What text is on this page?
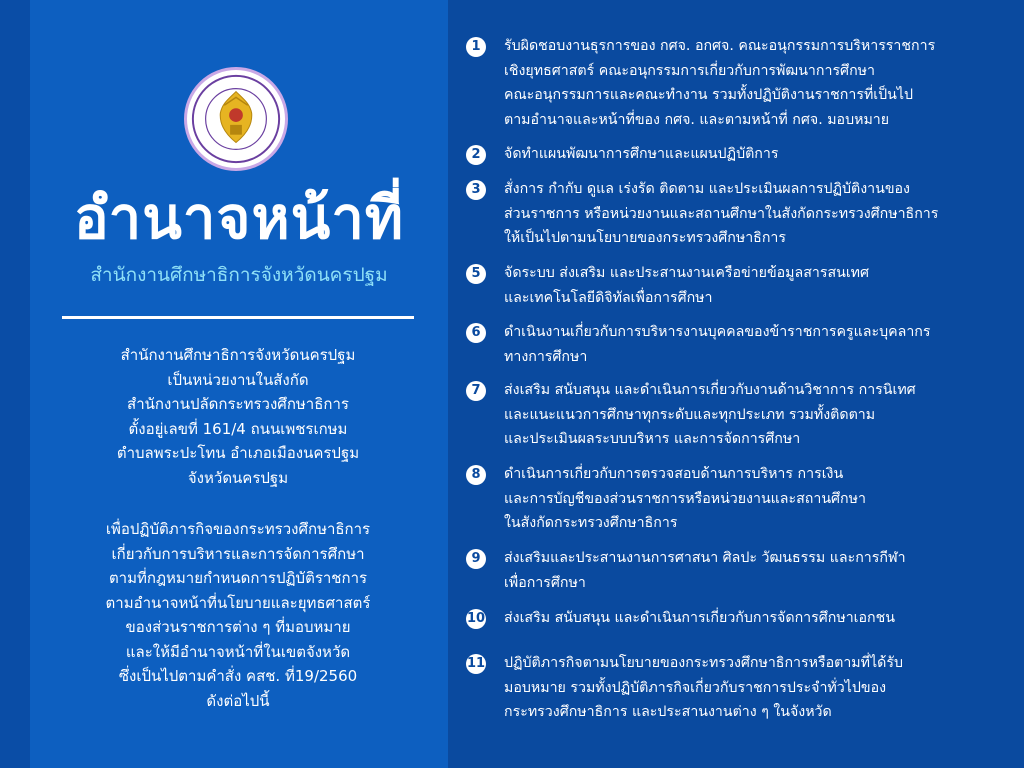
อำนาจหน้าที่

สำนักงานศึกษาธิการจังหวัดนครปฐม

สำนักงานศึกษาธิการจังหวัดนครปฐม
เป็นหน่วยงานในสังกัด
สำนักงานปลัดกระทรวงศึกษาธิการ
ตั้งอยู่เลขที่ 161/4 ถนนเพชรเกษม
ตำบลพระปะโทน อำเภอเมืองนครปฐม
จังหวัดนครปฐม
เพื่อปฏิบัติภารกิจของกระทรวงศึกษาธิการ
เกี่ยวกับการบริหารและการจัดการศึกษา
ตามที่กฎหมายกำหนดการปฏิบัติราชการ
ตามอำนาจหน้าที่นโยบายและยุทธศาสตร์
ของส่วนราชการต่าง ๆ ที่มอบหมาย
และให้มีอำนาจหน้าที่ในเขตจังหวัด
ซึ่งเป็นไปตามคำสั่ง คสช. ที่19/2560
ดังต่อไปนี้
1	รับผิดชอบงานธุรการของ กศจ. อกศจ. คณะอนุกรรมการบริหารราชการ
เชิงยุทธศาสตร์ คณะอนุกรรมการเกี่ยวกับการพัฒนาการศึกษา
คณะอนุกรรมการและคณะทำงาน รวมทั้งปฏิบัติงานราชการที่เป็นไป
ตามอำนาจและหน้าที่ของ กศจ. และตามหน้าที่ กศจ. มอบหมาย
2	จัดทำแผนพัฒนาการศึกษาและแผนปฏิบัติการ
3	สั่งการ กำกับ ดูแล เร่งรัด ติดตาม และประเมินผลการปฏิบัติงานของ
ส่วนราชการ หรือหน่วยงานและสถานศึกษาในสังกัดกระทรวงศึกษาธิการ
ให้เป็นไปตามนโยบายของกระทรวงศึกษาธิการ
5	จัดระบบ ส่งเสริม และประสานงานเครือข่ายข้อมูลสารสนเทศ
และเทคโนโลยีดิจิทัลเพื่อการศึกษา
6	ดำเนินงานเกี่ยวกับการบริหารงานบุคคลของข้าราชการครูและบุคลากร
ทางการศึกษา
7	ส่งเสริม สนับสนุน และดำเนินการเกี่ยวกับงานด้านวิชาการ การนิเทศ
และแนะแนวการศึกษาทุกระดับและทุกประเภท รวมทั้งติดตาม
และประเมินผลระบบบริหาร และการจัดการศึกษา
8	ดำเนินการเกี่ยวกับการตรวจสอบด้านการบริหาร การเงิน
และการบัญชีของส่วนราชการหรือหน่วยงานและสถานศึกษา
ในสังกัดกระทรวงศึกษาธิการ
9	ส่งเสริมและประสานงานการศาสนา ศิลปะ วัฒนธรรม และการกีฬา
เพื่อการศึกษา
10 ส่งเสริม สนับสนุน และดำเนินการเกี่ยวกับการจัดการศึกษาเอกชน
11 ปฏิบัติภารกิจตามนโยบายของกระทรวงศึกษาธิการหรือตามที่ได้รับ
มอบหมาย รวมทั้งปฏิบัติภารกิจเกี่ยวกับราชการประจำทั่วไปของ
กระทรวงศึกษาธิการ และประสานงานต่าง ๆ ในจังหวัด
